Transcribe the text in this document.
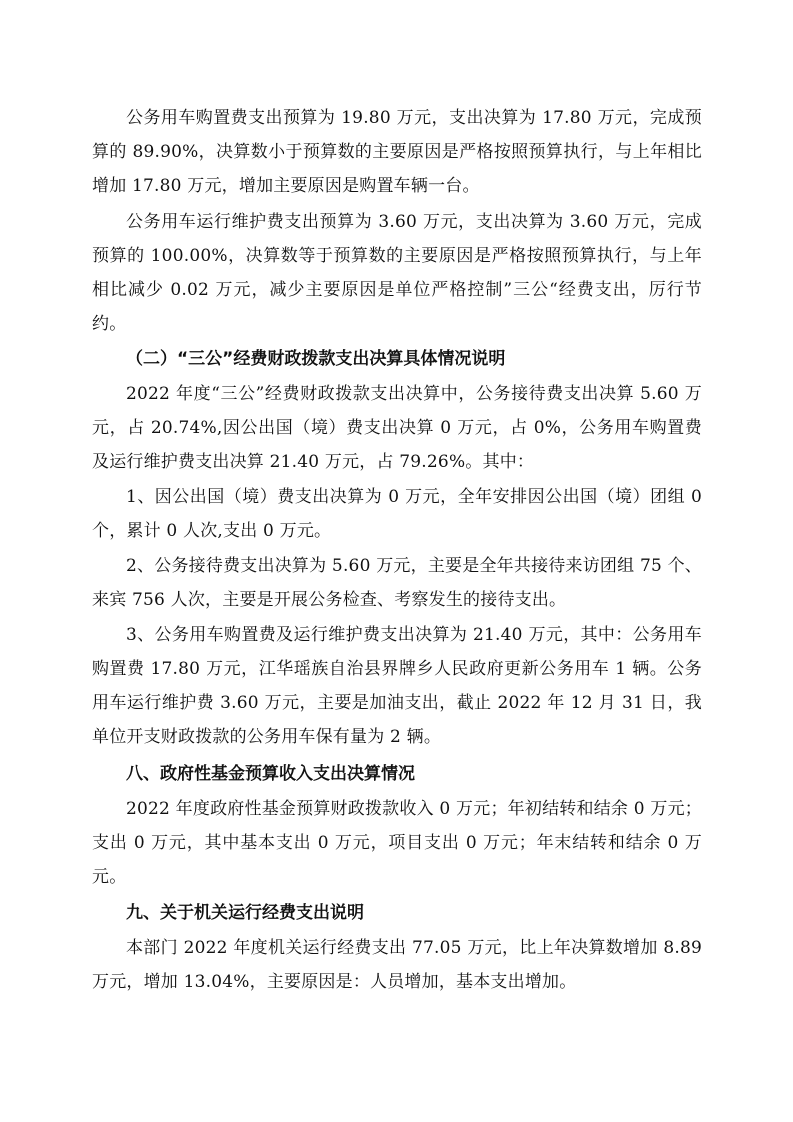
公务用车购置费支出预算为 19.80 万元，支出决算为 17.80 万元，完成预算的 89.90%，决算数小于预算数的主要原因是严格按照预算执行，与上年相比增加 17.80 万元，增加主要原因是购置车辆一台。

公务用车运行维护费支出预算为 3.60 万元，支出决算为 3.60 万元，完成预算的 100.00%，决算数等于预算数的主要原因是严格按照预算执行，与上年相比减少 0.02 万元，减少主要原因是单位严格控制”三公“经费支出，厉行节约。

（二）“三公”经费财政拨款支出决算具体情况说明

2022 年度“三公”经费财政拨款支出决算中，公务接待费支出决算 5.60 万元，占 20.74%,因公出国（境）费支出决算 0 万元，占 0%，公务用车购置费及运行维护费支出决算 21.40 万元，占 79.26%。其中：

1、因公出国（境）费支出决算为 0 万元，全年安排因公出国（境）团组 0 个，累计 0 人次,支出 0 万元。

2、公务接待费支出决算为 5.60 万元，主要是全年共接待来访团组 75 个、来宾 756 人次，主要是开展公务检查、考察发生的接待支出。

3、公务用车购置费及运行维护费支出决算为 21.40 万元，其中：公务用车购置费 17.80 万元，江华瑶族自治县界牌乡人民政府更新公务用车 1 辆。公务用车运行维护费 3.60 万元，主要是加油支出，截止 2022 年 12 月 31 日，我单位开支财政拨款的公务用车保有量为 2 辆。

八、政府性基金预算收入支出决算情况

2022 年度政府性基金预算财政拨款收入 0 万元；年初结转和结余 0 万元；支出 0 万元，其中基本支出 0 万元，项目支出 0 万元；年末结转和结余 0 万元。

九、关于机关运行经费支出说明

本部门 2022 年度机关运行经费支出 77.05 万元，比上年决算数增加 8.89 万元，增加 13.04%，主要原因是：人员增加，基本支出增加。
